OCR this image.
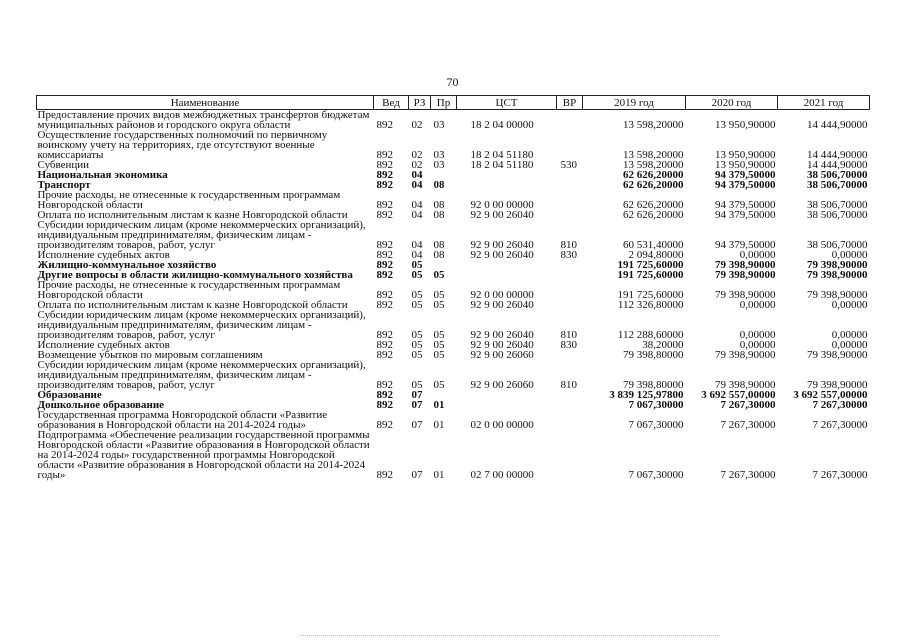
70
Наименование	Вед	РЗ	Пр	ЦСТ	ВР	2019 год	2020 год	2021 год
Предоставление прочих видов межбюджетных трансфертов бюджетам муниципальных районов и городского округа области	892	02	03	18 2 04 00000		13 598,20000	13 950,90000	14 444,90000
Осуществление государственных полномочий по первичному воинскому учету на территориях, где отсутствуют военные комиссариаты	892	02	03	18 2 04 51180		13 598,20000	13 950,90000	14 444,90000
Субвенции	892	02	03	18 2 04 51180	530	13 598,20000	13 950,90000	14 444,90000
Национальная экономика	892	04				62 626,20000	94 379,50000	38 506,70000
Транспорт	892	04	08			62 626,20000	94 379,50000	38 506,70000
Прочие расходы, не отнесенные к государственным программам Новгородской области	892	04	08	92 0 00 00000		62 626,20000	94 379,50000	38 506,70000
Оплата по исполнительным листам к казне Новгородской области	892	04	08	92 9 00 26040		62 626,20000	94 379,50000	38 506,70000
Субсидии юридическим лицам (кроме некоммерческих организаций), индивидуальным предпринимателям, физическим лицам - производителям товаров, работ, услуг	892	04	08	92 9 00 26040	810	60 531,40000	94 379,50000	38 506,70000
Исполнение судебных актов	892	04	08	92 9 00 26040	830	2 094,80000	0,00000	0,00000
Жилищно-коммунальное хозяйство	892	05				191 725,60000	79 398,90000	79 398,90000
Другие вопросы в области жилищно-коммунального хозяйства	892	05	05			191 725,60000	79 398,90000	79 398,90000
Прочие расходы, не отнесенные к государственным программам Новгородской области	892	05	05	92 0 00 00000		191 725,60000	79 398,90000	79 398,90000
Оплата по исполнительным листам к казне Новгородской области	892	05	05	92 9 00 26040		112 326,80000	0,00000	0,00000
Субсидии юридическим лицам (кроме некоммерческих организаций), индивидуальным предпринимателям, физическим лицам - производителям товаров, работ, услуг	892	05	05	92 9 00 26040	810	112 288,60000	0,00000	0,00000
Исполнение судебных актов	892	05	05	92 9 00 26040	830	38,20000	0,00000	0,00000
Возмещение убытков по мировым соглашениям	892	05	05	92 9 00 26060		79 398,80000	79 398,90000	79 398,90000
Субсидии юридическим лицам (кроме некоммерческих организаций), индивидуальным предпринимателям, физическим лицам - производителям товаров, работ, услуг	892	05	05	92 9 00 26060	810	79 398,80000	79 398,90000	79 398,90000
Образование	892	07				3 839 125,97800	3 692 557,00000	3 692 557,00000
Дошкольное образование	892	07	01			7 067,30000	7 267,30000	7 267,30000
Государственная программа Новгородской области «Развитие образования в Новгородской области на 2014-2024 годы»	892	07	01	02 0 00 00000		7 067,30000	7 267,30000	7 267,30000
Подпрограмма «Обеспечение реализации государственной программы Новгородской области «Развитие образования в Новгородской области на 2014-2024 годы» государственной программы Новгородской области «Развитие образования в Новгородской области на 2014-2024 годы»	892	07	01	02 7 00 00000		7 067,30000	7 267,30000	7 267,30000
